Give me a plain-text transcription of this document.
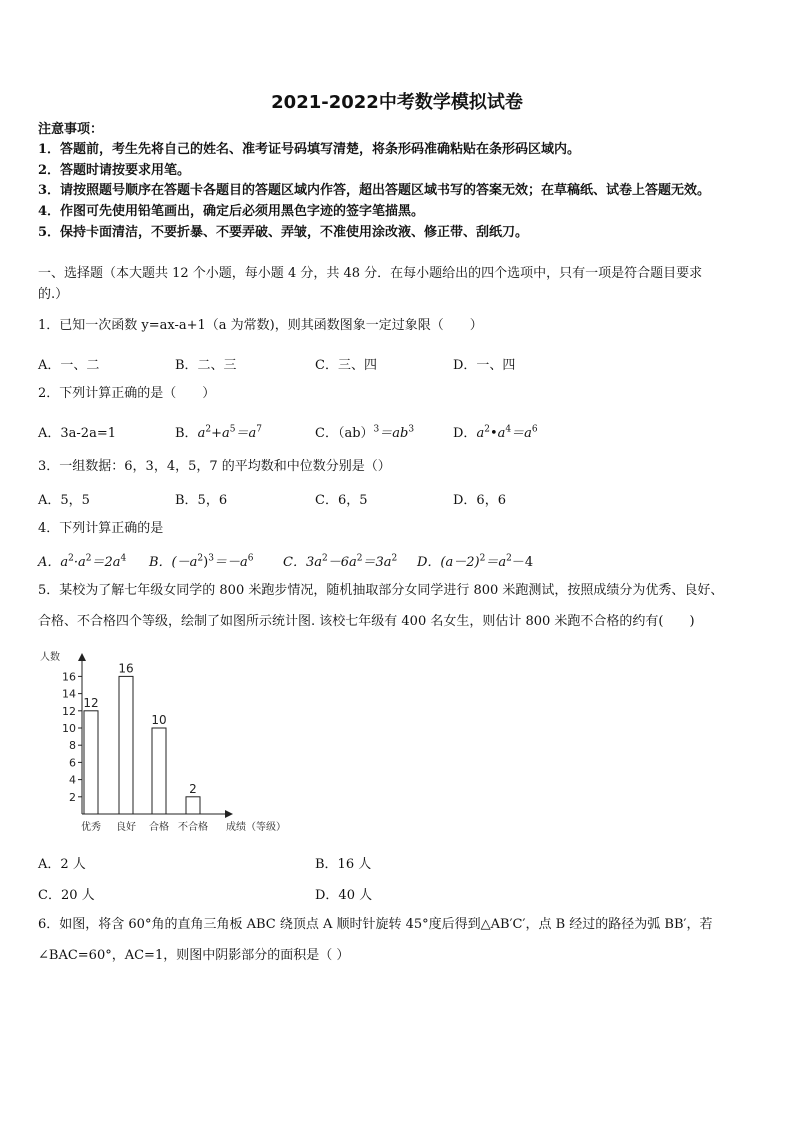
2021-2022中考数学模拟试卷
注意事项：
1．答题前，考生先将自己的姓名、准考证号码填写清楚，将条形码准确粘贴在条形码区域内。
2．答题时请按要求用笔。
3．请按照题号顺序在答题卡各题目的答题区域内作答，超出答题区域书写的答案无效；在草稿纸、试卷上答题无效。
4．作图可先使用铅笔画出，确定后必须用黑色字迹的签字笔描黑。
5．保持卡面清洁，不要折暴、不要弄破、弄皱，不准使用涂改液、修正带、刮纸刀。
一、选择题（本大题共 12 个小题，每小题 4 分，共 48 分．在每小题给出的四个选项中，只有一项是符合题目要求
的.）
1．已知一次函数 y=ax-a+1（a 为常数)，则其函数图象一定过象限（　　）
A．一、二	B．二、三	C．三、四	D．一、四
2．下列计算正确的是（　　）
A．3a-2a=1	B．$a^2+a^5=a^7$	C．$(ab)^3=ab^3$	D．$a^2•a^4=a^6$
3．一组数据：6，3，4，5，7 的平均数和中位数分别是（）
A．5，5	B．5，6	C．6，5	D．6，6
4．下列计算正确的是
A．$a^2\cdot a^2=2a^4$ B．$(-a^2)^3=-a^6$ C．$3a^2-6a^2=3a^2$ D．$(a-2)^2=a^2-4$
5．某校为了解七年级女同学的 800 米跑步情况，随机抽取部分女同学进行 800 米跑测试，按照成绩分为优秀、良好、
合格、不合格四个等级，绘制了如图所示统计图. 该校七年级有 400 名女生，则估计 800 米跑不合格的约有(　　)
人数
成绩（等级）
2
4
6
8
10
12
14
16
12
优秀
16
良好
10
合格
2
不合格
A．2 人	B．16 人
C．20 人	D．40 人
6．如图，将含 60°角的直角三角板 ABC 绕顶点 A 顺时针旋转 45°度后得到△AB′C′，点 B 经过的路径为弧 BB′，若
∠BAC=60°，AC=1，则图中阴影部分的面积是（ ）
